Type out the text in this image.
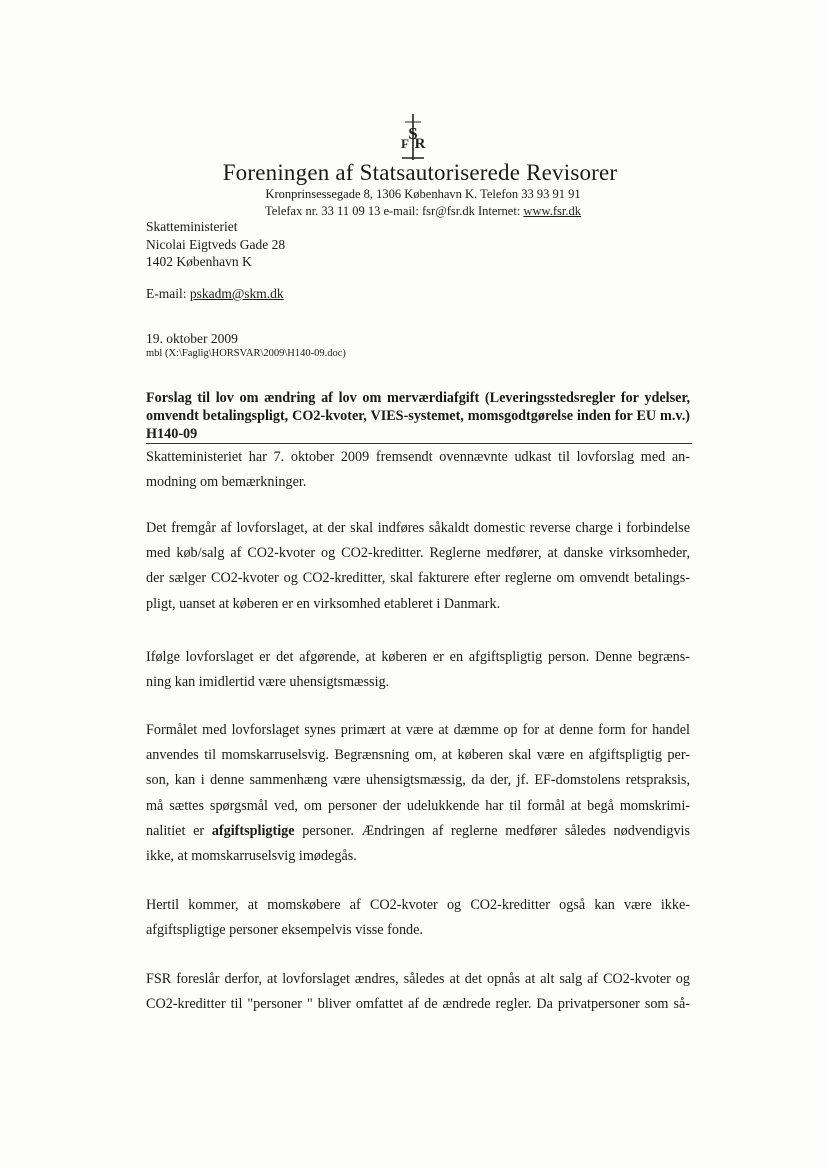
S
R
F
Foreningen af Statsautoriserede Revisorer
Kronprinsessegade 8, 1306 København K. Telefon 33 93 91 91
Telefax nr. 33 11 09 13 e-mail: fsr@fsr.dk Internet: www.fsr.dk
Skatteministeriet
Nicolai Eigtveds Gade 28
1402 København K
E-mail: pskadm@skm.dk
19. oktober 2009
mbl (X:\Faglig\HORSVAR\2009\H140-09.doc)
Forslag til lov om ændring af lov om merværdiafgift (Leveringsstedsregler for ydelser, omvendt betalingspligt, CO2-kvoter, VIES-systemet, momsgodtgørelse inden for EU m.v.) H140-09
Skatteministeriet har 7. oktober 2009 fremsendt ovennævnte udkast til lovforslag med an-
modning om bemærkninger.
Det fremgår af lovforslaget, at der skal indføres såkaldt domestic reverse charge i forbindelse
med køb/salg af CO2-kvoter og CO2-kreditter. Reglerne medfører, at danske virksomheder,
der sælger CO2-kvoter og CO2-kreditter, skal fakturere efter reglerne om omvendt betalings-
pligt, uanset at køberen er en virksomhed etableret i Danmark.
Ifølge lovforslaget er det afgørende, at køberen er en afgiftspligtig person. Denne begræns-
ning kan imidlertid være uhensigtsmæssig.
Formålet med lovforslaget synes primært at være at dæmme op for at denne form for handel
anvendes til momskarruselsvig. Begrænsning om, at køberen skal være en afgiftspligtig per-
son, kan i denne sammenhæng være uhensigtsmæssig, da der, jf. EF-domstolens retspraksis,
må sættes spørgsmål ved, om personer der udelukkende har til formål at begå momskrimi-
nalitiet er afgiftspligtige personer. Ændringen af reglerne medfører således nødvendigvis
ikke, at momskarruselsvig imødegås.
Hertil kommer, at momskøbere af CO2-kvoter og CO2-kreditter også kan være ikke-
afgiftspligtige personer eksempelvis visse fonde.
FSR foreslår derfor, at lovforslaget ændres, således at det opnås at alt salg af CO2-kvoter og
CO2-kreditter til "personer " bliver omfattet af de ændrede regler. Da privatpersoner som så-
